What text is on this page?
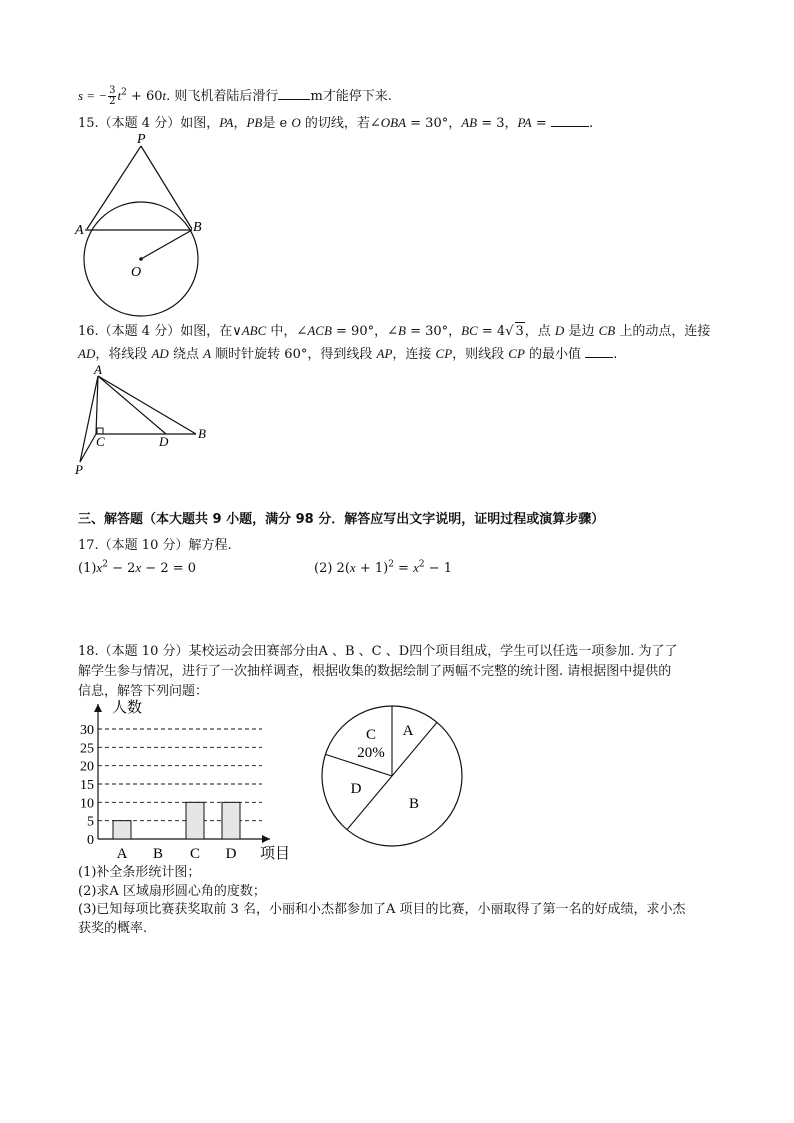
s = − $\frac{3}{2} t^2 + 60t$. 则飞机着陆后滑行 m才能停下来.
15.（本题 4 分）如图，PA，PB是 e O 的切线，若∠OBA = 30°，AB = 3，PA =	.
P
A	B
O
16.（本题 4 分）如图，在∨ABC 中，∠ACB = 90°，∠B = 30°，BC = 4√ 3，点 D 是边 CB 上的动点，连接
AD，将线段 AD 绕点 A 顺时针旋转 60°，得到线段 AP，连接 CP，则线段 CP 的最小值 .
A
C	D
B
P
三、解答题（本大题共 9 小题，满分 98 分．解答应写出文字说明，证明过程或演算步骤）
17.（本题 10 分）解方程.
$(1)x^2 - 2x - 2 = 0$	(2) $2(x + 1)^2 = x^2 - 1$
18.（本题 10 分）某校运动会田赛部分由A 、B 、C 、D四个项目组成，学生可以任选一项参加. 为了了
解学生参与情况，进行了一次抽样调查，根据收集的数据绘制了两幅不完整的统计图. 请根据图中提供的
信息，解答下列问题：
0
5
10
15
20
25
30
人数
项目
A B C D
A
B
C
20%
D
(1)补全条形统计图；
(2)求A 区域扇形圆心角的度数；
(3)已知每项比赛获奖取前 3 名，小丽和小杰都参加了A 项目的比赛，小丽取得了第一名的好成绩，求小杰
获奖的概率.
